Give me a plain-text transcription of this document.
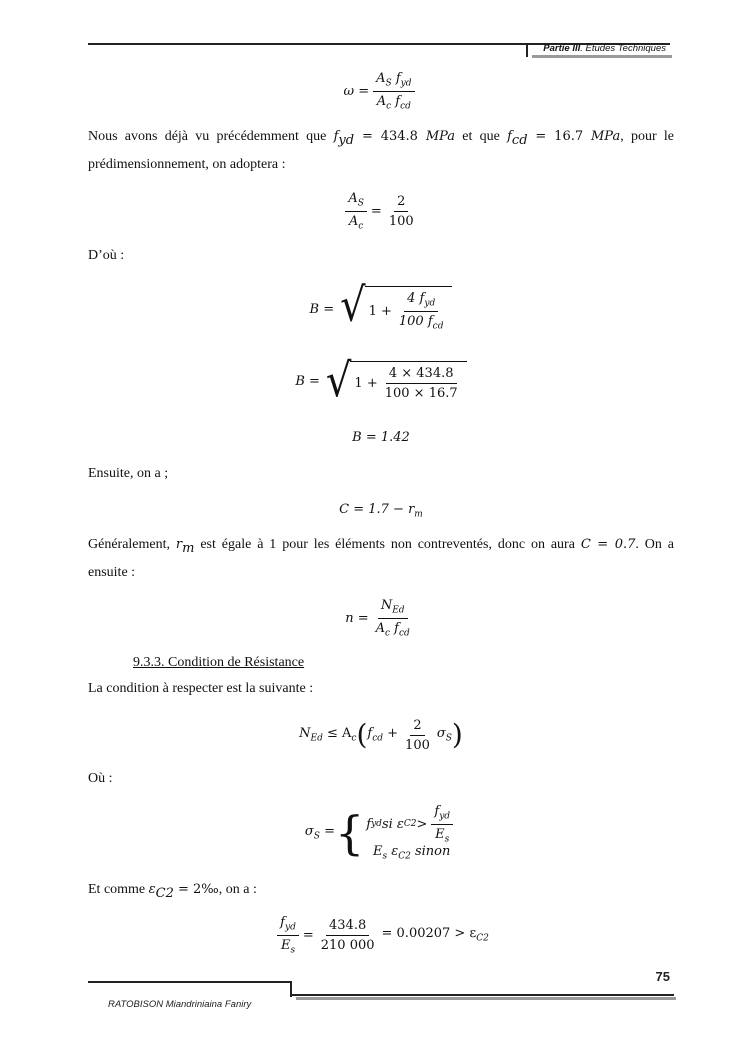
Partie III. Études Techniques
$\omega = \frac{A_S f_{yd}}{A_c f_{cd}}$
Nous avons déjà vu précédemment que $f_{yd} = 434.8$ MPa et que $f_{cd} = 16.7$ MPa, pour le
prédimensionnement, on adoptera :
$\frac{A_S}{A_c} = \frac{2}{100}$
D’où :
B = √ $1 + \frac{4 f_{yd}}{100 f_{cd}}$
B = √ $1 + \frac{4 \times 434.8}{100 \times 16.7}$
B = 1.42
Ensuite, on a ;
$C = 1.7 - r_m$
Généralement, $r_m$ est égale à 1 pour les éléments non contreventés, donc on aura C = 0.7. On a
ensuite :
$n = \frac{N_{Ed}}{A_c f_{cd}}$
9.3.3. Condition de Résistance
La condition à respecter est la suivante :
$N_{Ed} \le A_c$ ( $f_{cd} + \frac{2}{100} \sigma_S$ )
Où :
$\sigma_S$ = { f yd si ε $C2 > \frac{f_{yd}}{E_s}$
$E_s$ $\varepsilon_{C2}$ sinon
Et comme $\varepsilon_{C2}$ = 2‰, on a :
$\frac{f_{yd}}{E_s} = \frac{434.8}{210 000} = 0.00207 > \varepsilon_{C2}$
75
RATOBISON Miandriniaina Faniry
